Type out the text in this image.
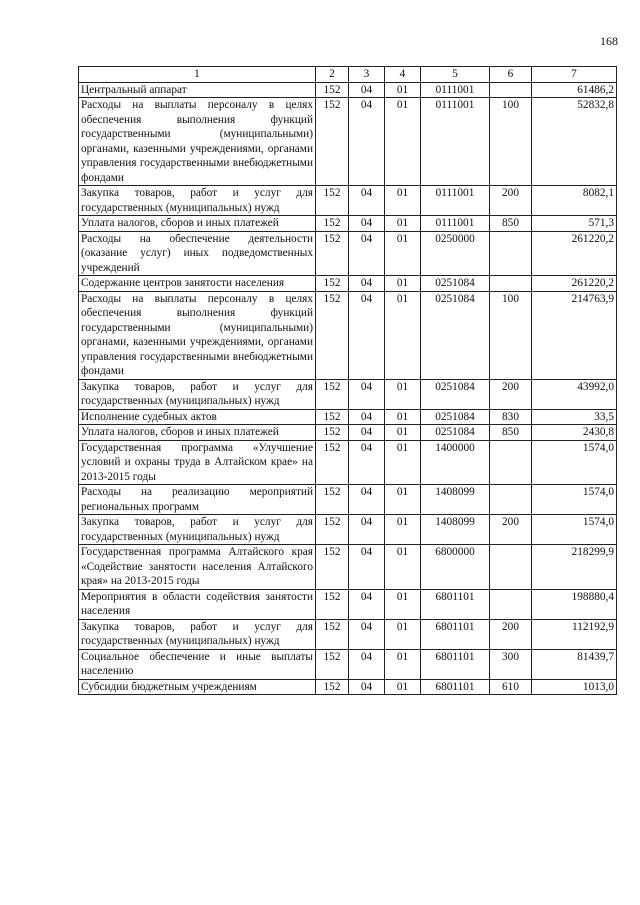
168
1	2	3	4	5	6	7
Центральный аппарат	152	04	01	0111001		61486,2
Расходы на выплаты персоналу в целях обеспечения выполнения функций государственными (муниципальными) органами, казенными учреждениями, органами управления государственными внебюджетными фондами	152	04	01	0111001	100	52832,8
Закупка товаров, работ и услуг для государственных (муниципальных) нужд	152	04	01	0111001	200	8082,1
Уплата налогов, сборов и иных платежей	152	04	01	0111001	850	571,3
Расходы на обеспечение деятельности (оказание услуг) иных подведомственных учреждений	152	04	01	0250000		261220,2
Содержание центров занятости населения	152	04	01	0251084		261220,2
Расходы на выплаты персоналу в целях обеспечения выполнения функций государственными (муниципальными) органами, казенными учреждениями, органами управления государственными внебюджетными фондами	152	04	01	0251084	100	214763,9
Закупка товаров, работ и услуг для государственных (муниципальных) нужд	152	04	01	0251084	200	43992,0
Исполнение судебных актов	152	04	01	0251084	830	33,5
Уплата налогов, сборов и иных платежей	152	04	01	0251084	850	2430,8
Государственная программа «Улучшение условий и охраны труда в Алтайском крае» на 2013-2015 годы	152	04	01	1400000		1574,0
Расходы на реализацию мероприятий региональных программ	152	04	01	1408099		1574,0
Закупка товаров, работ и услуг для государственных (муниципальных) нужд	152	04	01	1408099	200	1574,0
Государственная программа Алтайского края «Содействие занятости населения Алтайского края» на 2013-2015 годы	152	04	01	6800000		218299,9
Мероприятия в области содействия занятости населения	152	04	01	6801101		198880,4
Закупка товаров, работ и услуг для государственных (муниципальных) нужд	152	04	01	6801101	200	112192,9
Социальное обеспечение и иные выплаты населению	152	04	01	6801101	300	81439,7
Субсидии бюджетным учреждениям	152	04	01	6801101	610	1013,0
